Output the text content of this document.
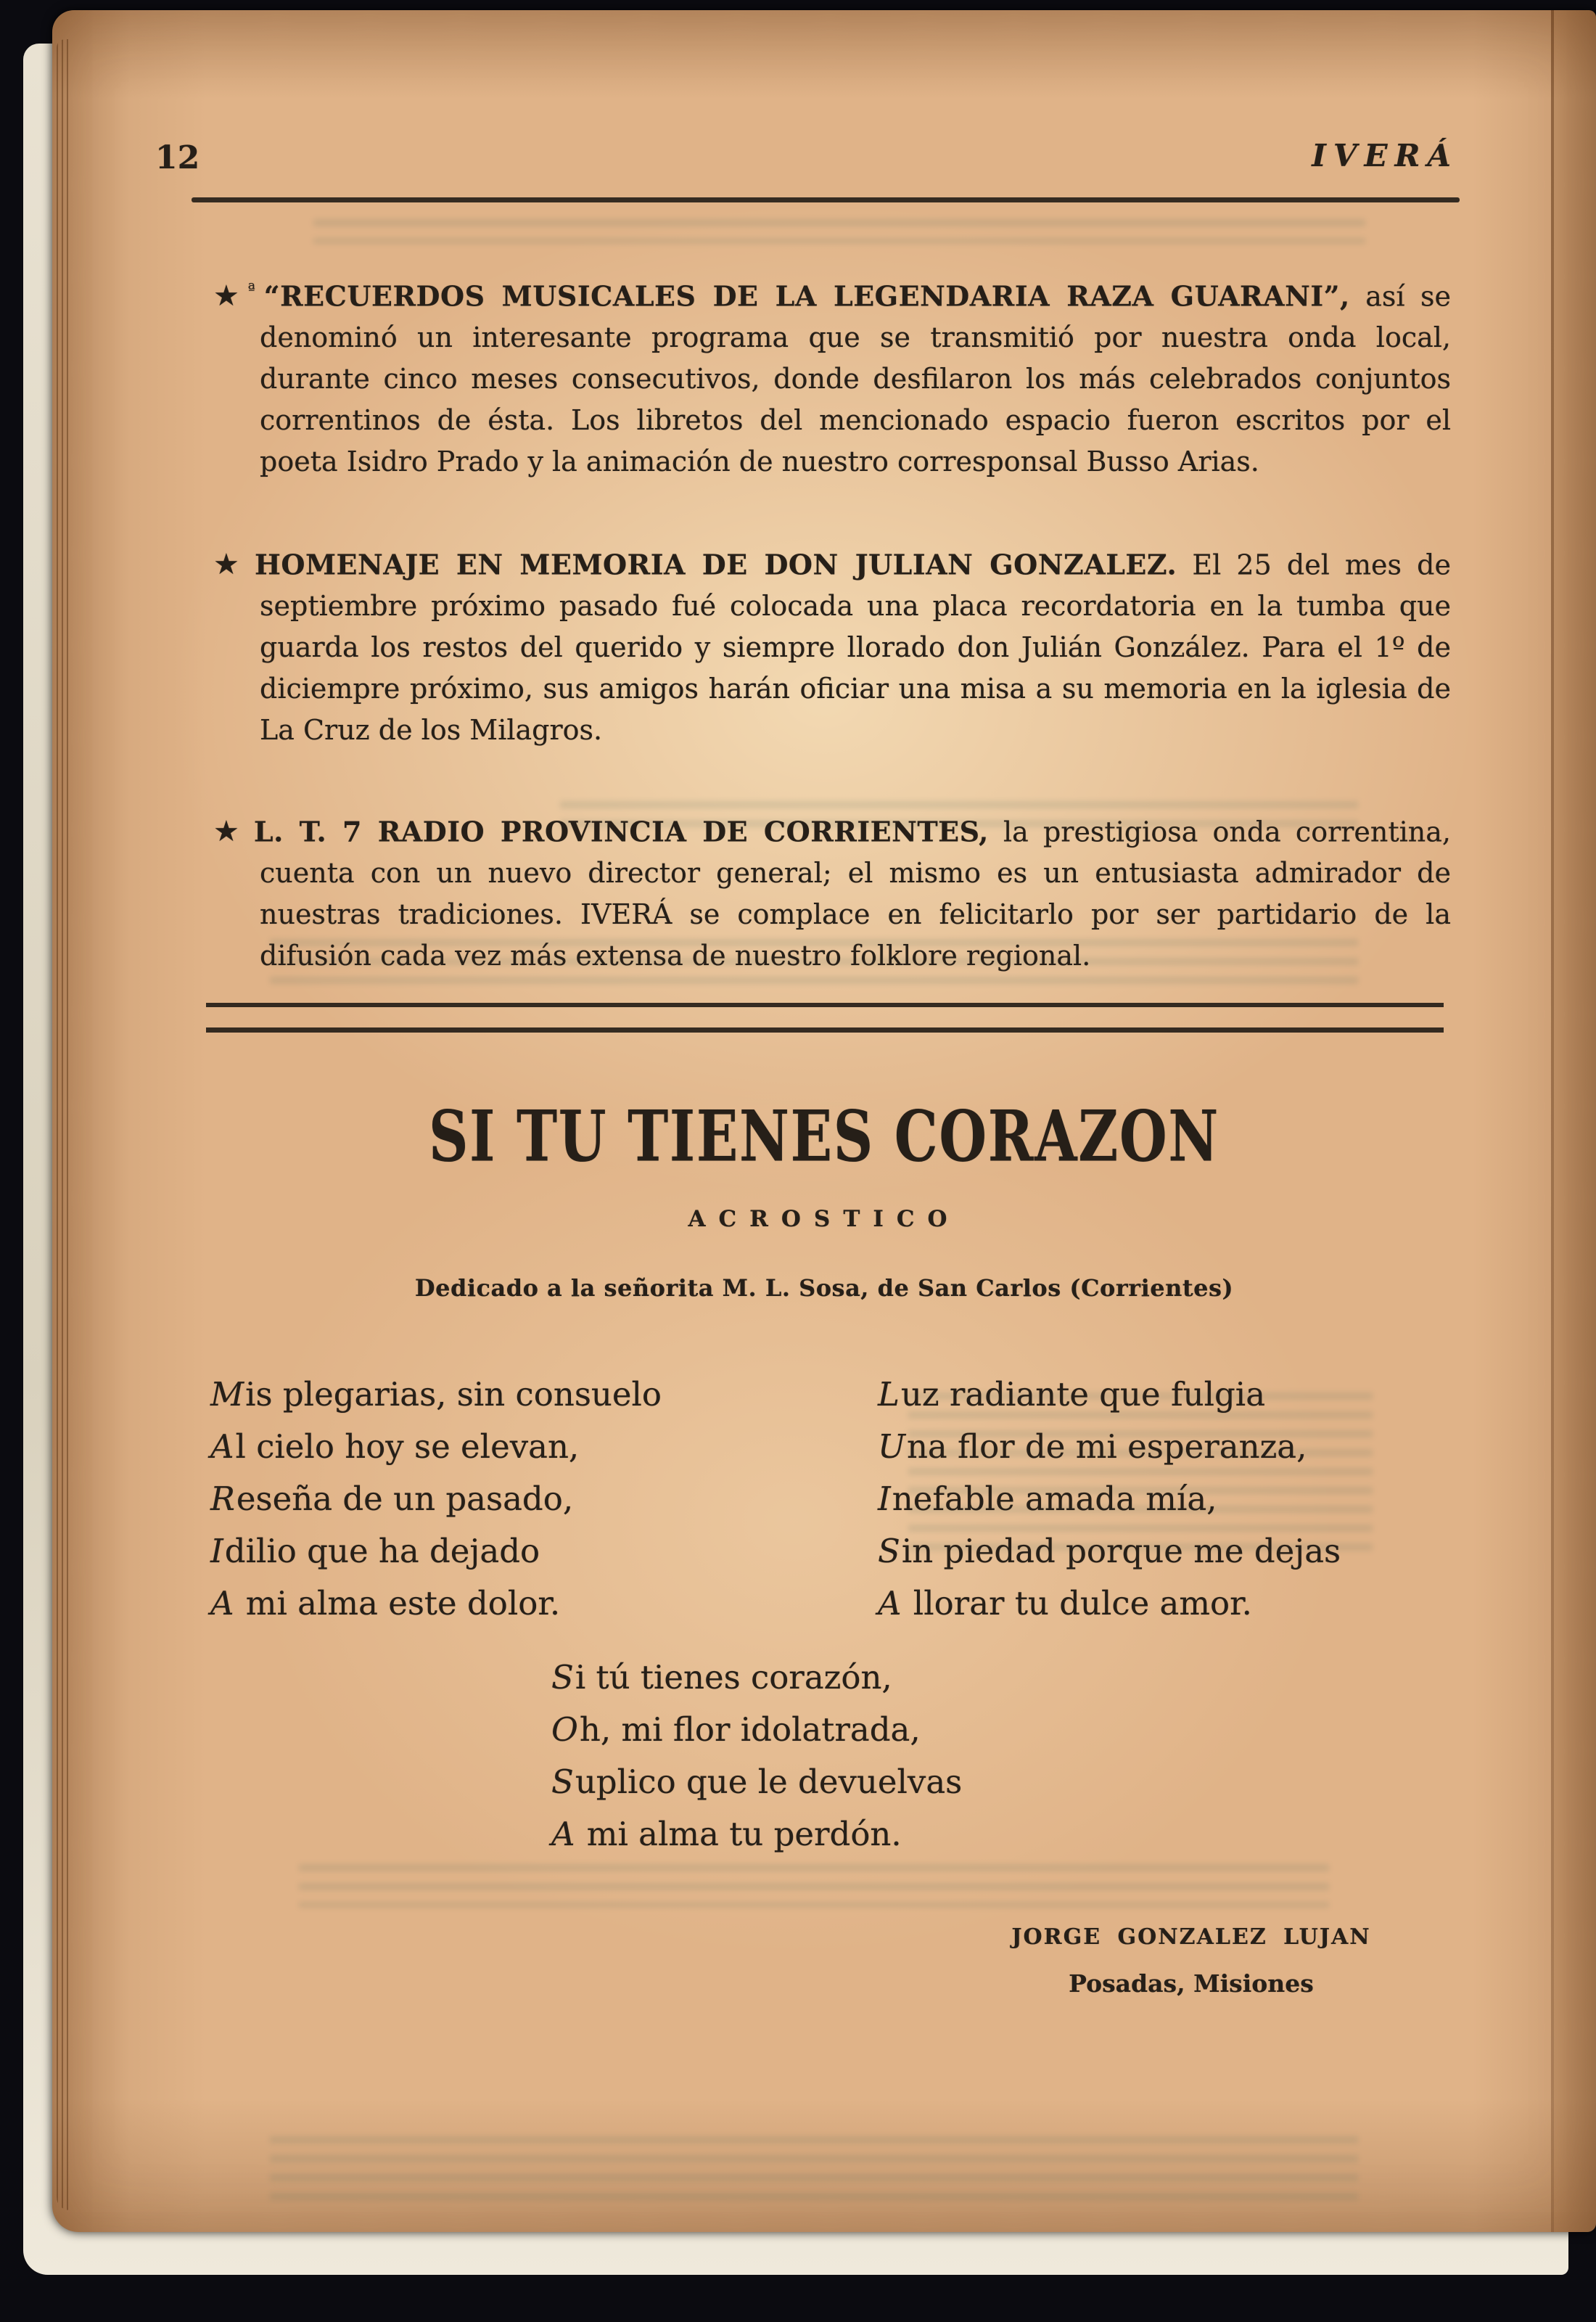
12	IVERÁ

★$^ª$ “RECUERDOS MUSICALES DE LA LEGENDARIA RAZA GUARANI”, así se denominó un interesante programa que se transmitió por nuestra onda local, durante cinco meses consecutivos, donde desfilaron los más celebrados conjuntos correntinos de ésta. Los libretos del mencionado espacio fueron escritos por el poeta Isidro Prado y la animación de nuestro corresponsal Busso Arias.

★ HOMENAJE EN MEMORIA DE DON JULIAN GONZALEZ. El 25 del mes de septiembre próximo pasado fué colocada una placa recordatoria en la tumba que guarda los restos del querido y siempre llorado don Julián González. Para el 1º de diciempre próximo, sus amigos harán oficiar una misa a su memoria en la iglesia de La Cruz de los Milagros.

★ L. T. 7 RADIO PROVINCIA DE CORRIENTES, la prestigiosa onda correntina, cuenta con un nuevo director general; el mismo es un entusiasta admirador de nuestras tradiciones. IVERÁ se complace en felicitarlo por ser partidario de la difusión cada vez más extensa de nuestro folklore regional.

SI TU TIENES CORAZON
ACROSTICO
Dedicado a la señorita M. L. Sosa, de San Carlos (Corrientes)
Mis plegarias, sin consuelo
Al cielo hoy se elevan,
Reseña de un pasado,
Idilio que ha dejado
A mi alma este dolor.
Luz radiante que fulgia
Una flor de mi esperanza,
Inefable amada mía,
Sin piedad porque me dejas
A llorar tu dulce amor.
Si tú tienes corazón,
Oh, mi flor idolatrada,
Suplico que le devuelvas
A mi alma tu perdón.
JORGE GONZALEZ LUJAN
Posadas, Misiones
